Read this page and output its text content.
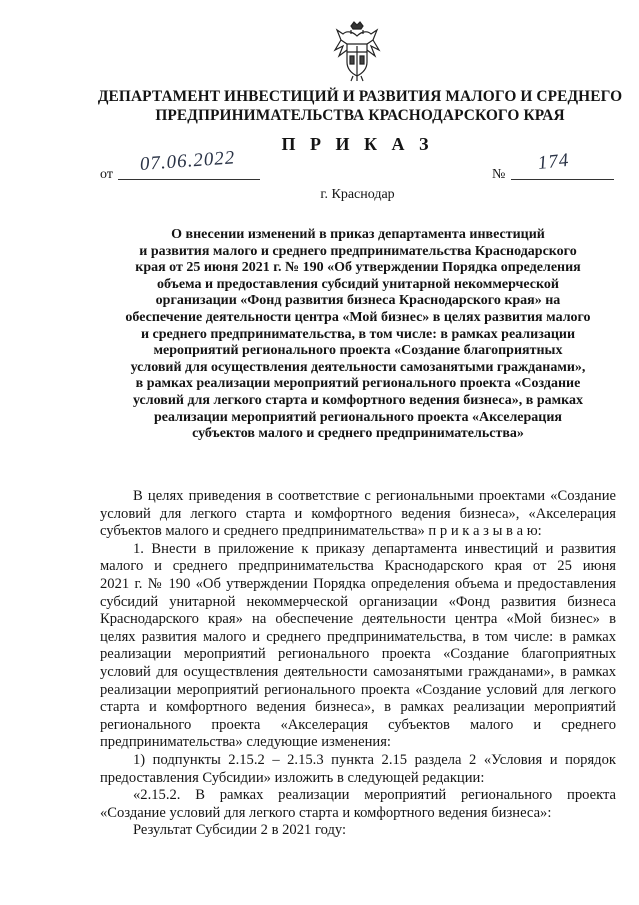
ДЕПАРТАМЕНТ ИНВЕСТИЦИЙ И РАЗВИТИЯ МАЛОГО И СРЕДНЕГО
ПРЕДПРИНИМАТЕЛЬСТВА КРАСНОДАРСКОГО КРАЯ
П Р И К А З
от 07.06.2022	№
174
г. Краснодар
О внесении изменений в приказ департамента инвестиций
и развития малого и среднего предпринимательства Краснодарского
края от 25 июня 2021 г. № 190 «Об утверждении Порядка определения
объема и предоставления субсидий унитарной некоммерческой
организации «Фонд развития бизнеса Краснодарского края» на
обеспечение деятельности центра «Мой бизнес» в целях развития малого
и среднего предпринимательства, в том числе: в рамках реализации
мероприятий регионального проекта «Создание благоприятных
условий для осуществления деятельности самозанятыми гражданами»,
в рамках реализации мероприятий регионального проекта «Создание
условий для легкого старта и комфортного ведения бизнеса», в рамках
реализации мероприятий регионального проекта «Акселерация
субъектов малого и среднего предпринимательства»
В целях приведения в соответствие с региональными проектами «Создание
условий для легкого старта и комфортного ведения бизнеса», «Акселерация
субъектов малого и среднего предпринимательства» п р и к а з ы в а ю:
1. Внести в приложение к приказу департамента инвестиций и развития
малого и среднего предпринимательства Краснодарского края от 25 июня
2021 г. № 190 «Об утверждении Порядка определения объема и предоставления
субсидий унитарной некоммерческой организации «Фонд развития бизнеса
Краснодарского края» на обеспечение деятельности центра «Мой бизнес» в
целях развития малого и среднего предпринимательства, в том числе: в рамках
реализации мероприятий регионального проекта «Создание благоприятных
условий для осуществления деятельности самозанятыми гражданами», в рамках
реализации мероприятий регионального проекта «Создание условий для легкого
старта и комфортного ведения бизнеса», в рамках реализации мероприятий
регионального проекта «Акселерация субъектов малого и среднего
предпринимательства» следующие изменения:
1) подпункты 2.15.2 – 2.15.3 пункта 2.15 раздела 2 «Условия и порядок
предоставления Субсидии» изложить в следующей редакции:
«2.15.2. В рамках реализации мероприятий регионального проекта
«Создание условий для легкого старта и комфортного ведения бизнеса»:
Результат Субсидии 2 в 2021 году:
